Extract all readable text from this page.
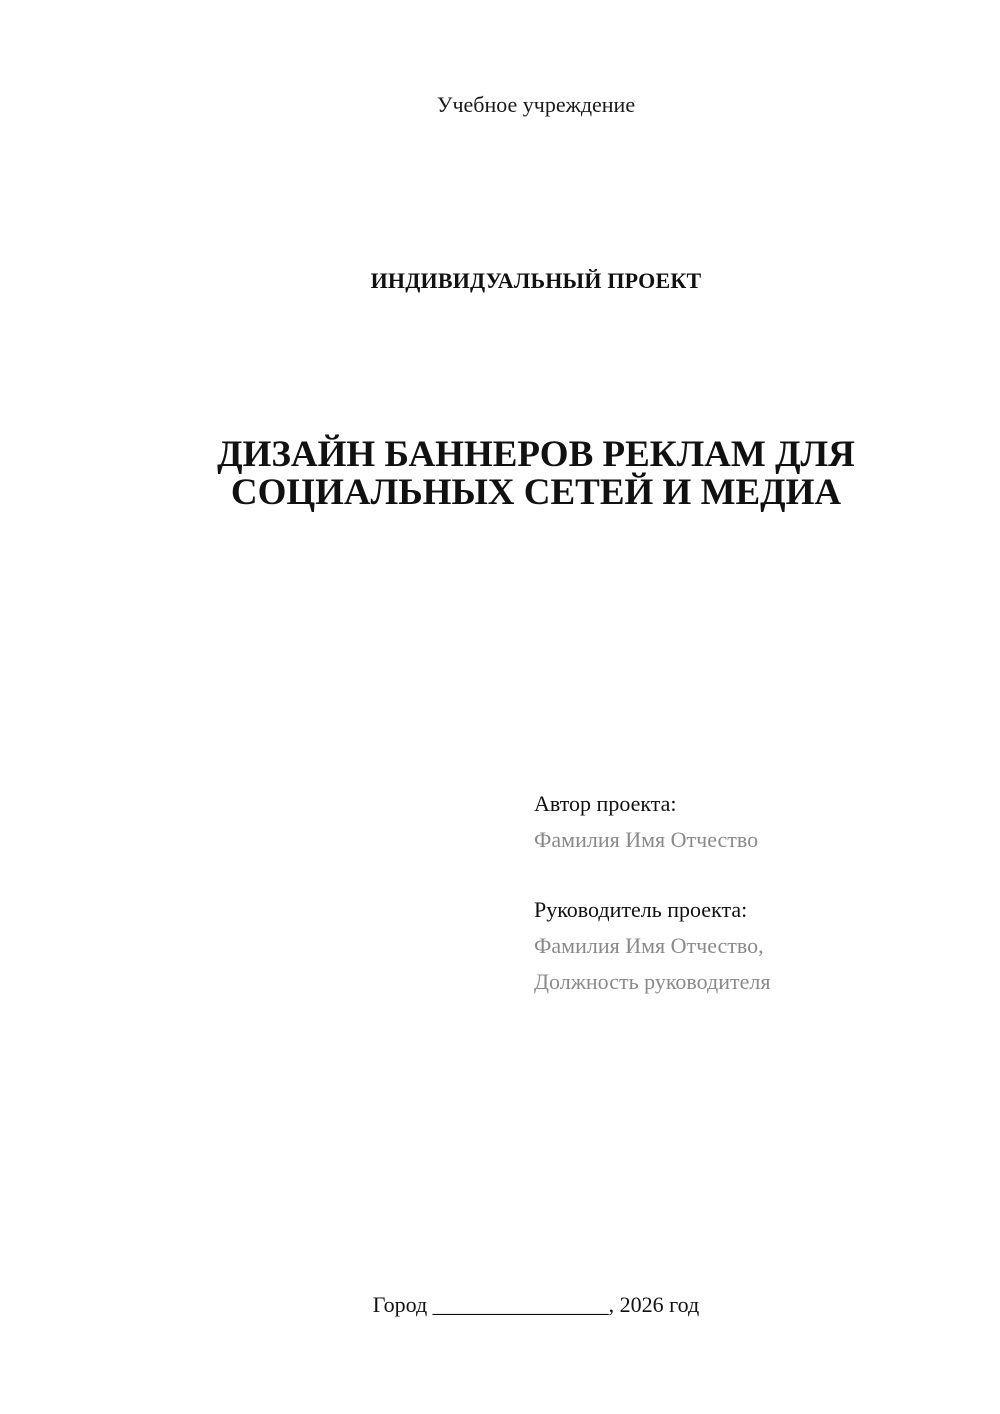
Учебное учреждение
ИНДИВИДУАЛЬНЫЙ ПРОЕКТ
ДИЗАЙН БАННЕРОВ РЕКЛАМ ДЛЯ
СОЦИАЛЬНЫХ СЕТЕЙ И МЕДИА
Автор проекта:
Фамилия Имя Отчество
Руководитель проекта:
Фамилия Имя Отчество,
Должность руководителя
Город ________________, 2026 год
